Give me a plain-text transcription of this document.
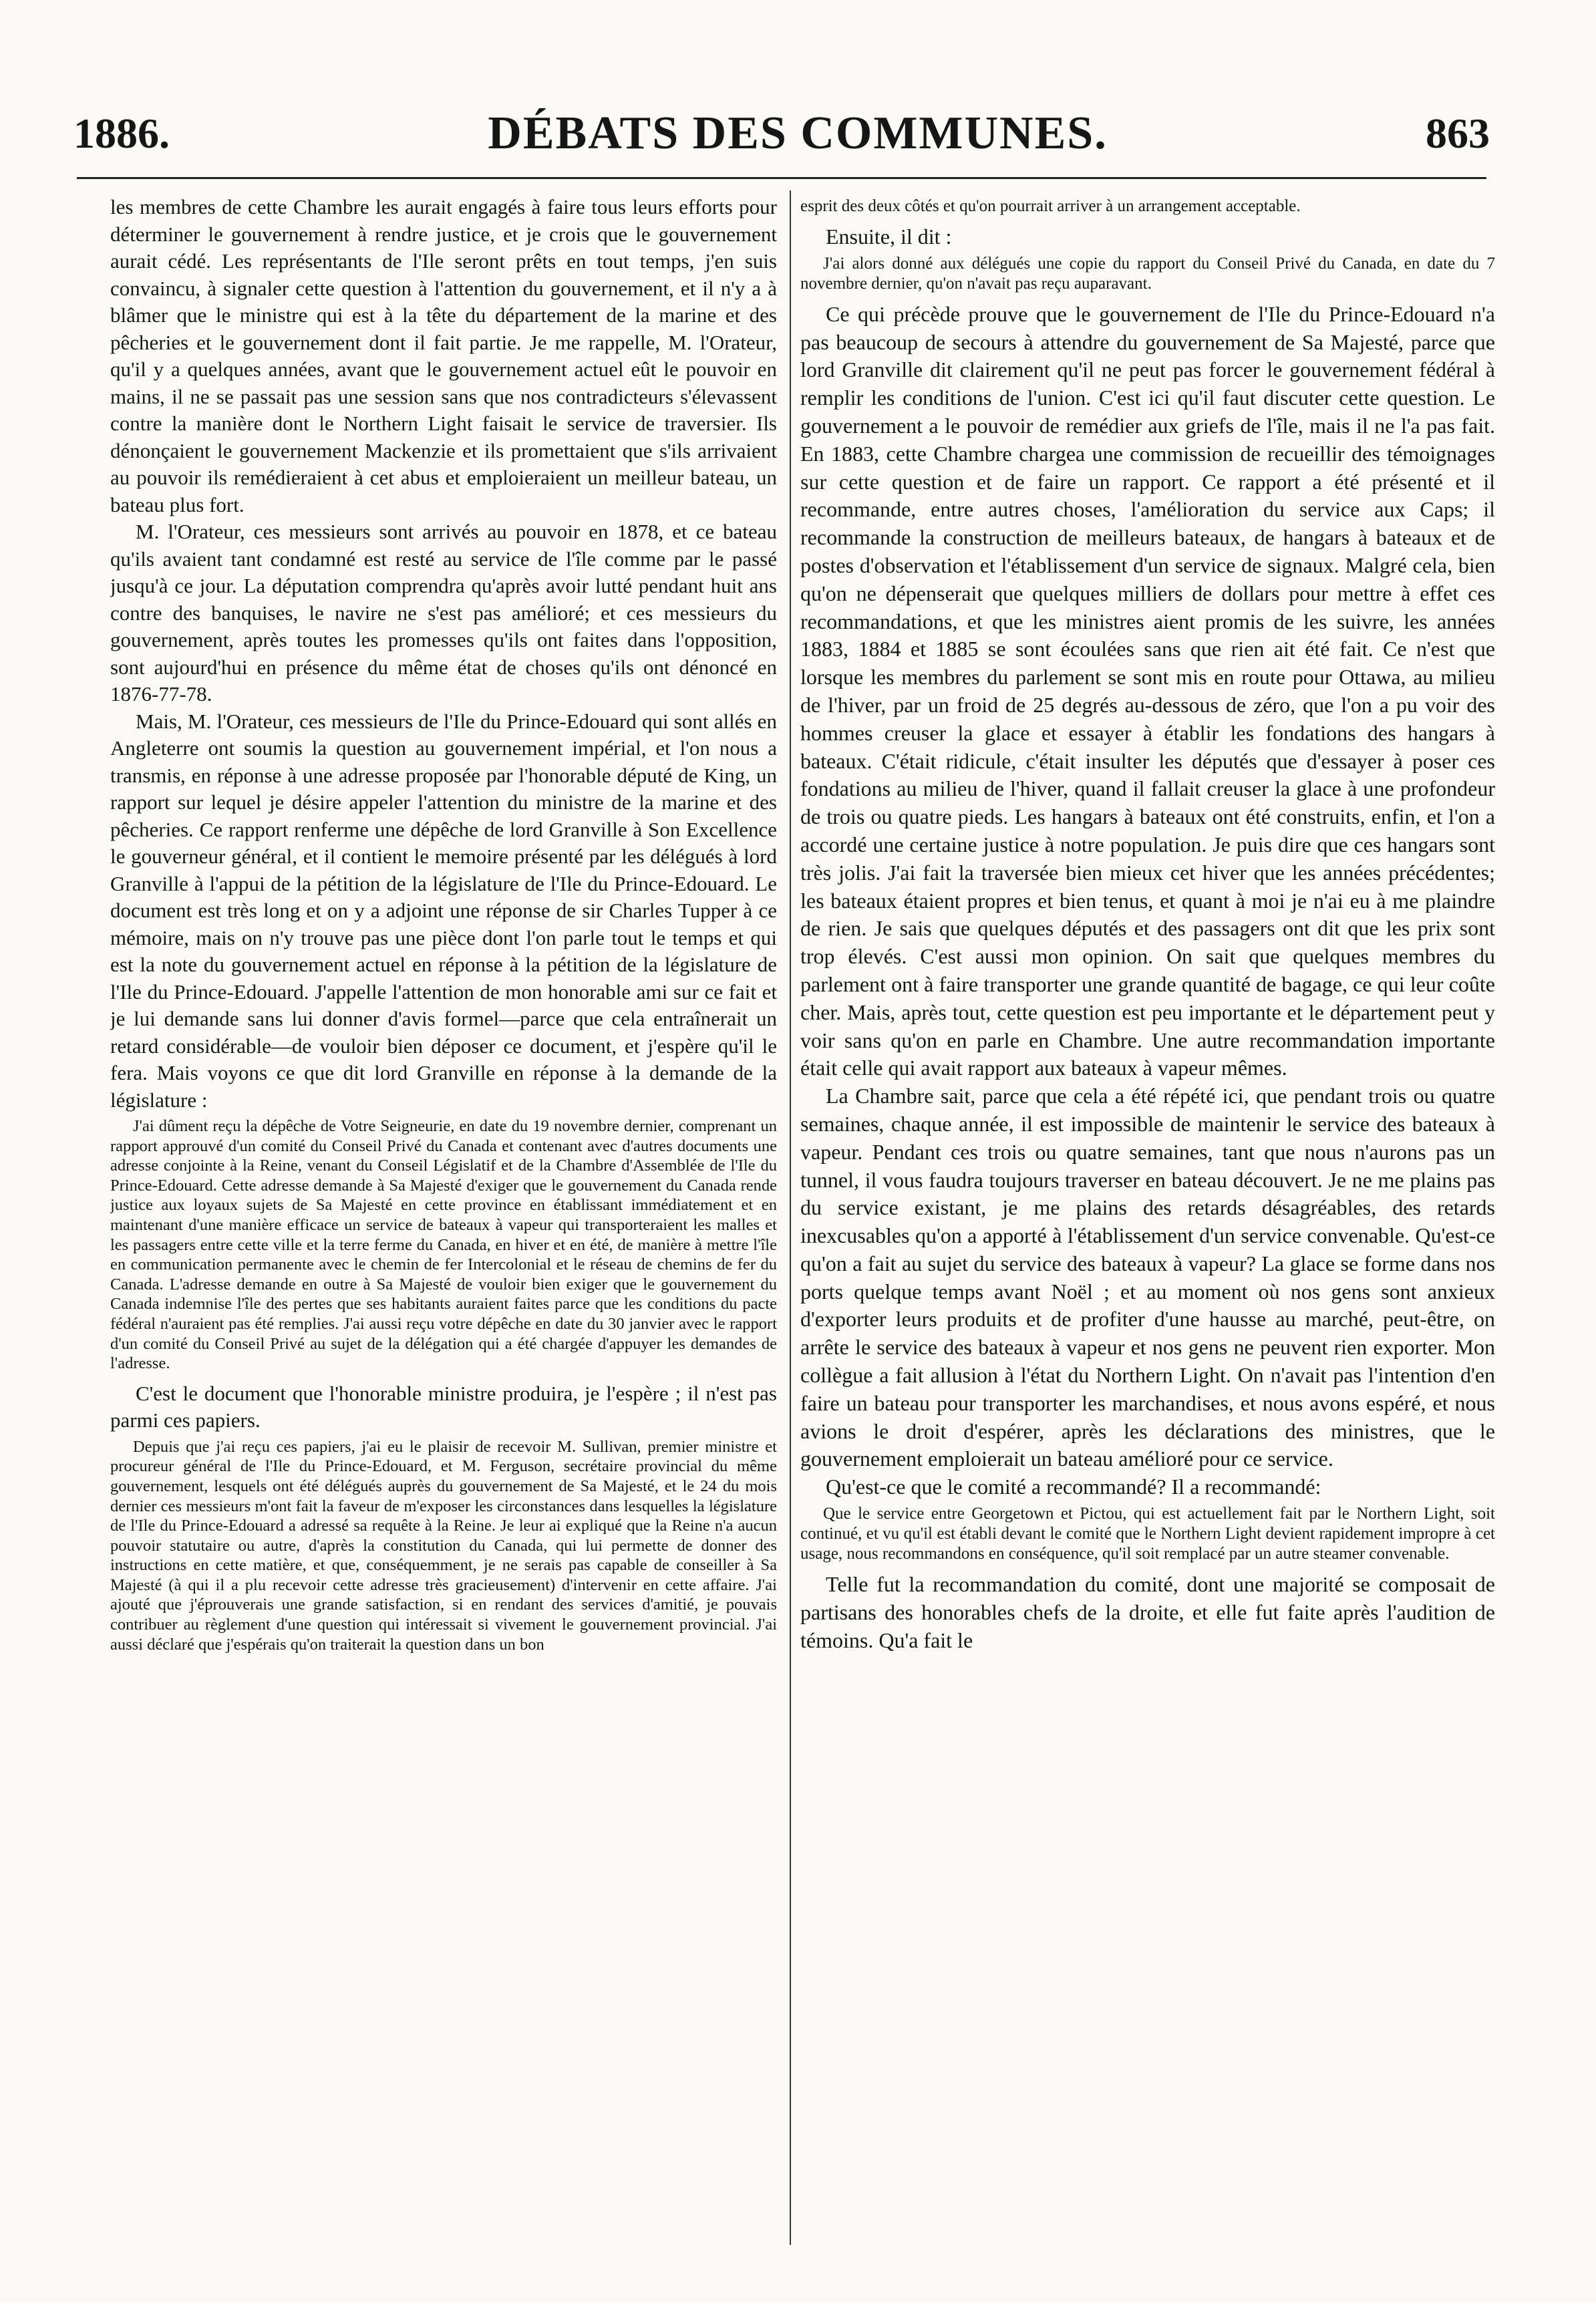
1886.	DÉBATS DES COMMUNES.	863

les membres de cette Chambre les aurait engagés à faire tous leurs efforts pour déterminer le gouvernement à rendre justice, et je crois que le gouvernement aurait cédé. Les représentants de l'Ile seront prêts en tout temps, j'en suis convaincu, à signaler cette question à l'attention du gouvernement, et il n'y a à blâmer que le ministre qui est à la tête du département de la marine et des pêcheries et le gouvernement dont il fait partie. Je me rappelle, M. l'Orateur, qu'il y a quelques années, avant que le gouvernement actuel eût le pouvoir en mains, il ne se passait pas une session sans que nos contradicteurs s'élevassent contre la manière dont le Northern Light faisait le service de traversier. Ils dénonçaient le gouvernement Mackenzie et ils promettaient que s'ils arrivaient au pouvoir ils remédieraient à cet abus et emploieraient un meilleur bateau, un bateau plus fort.

M. l'Orateur, ces messieurs sont arrivés au pouvoir en 1878, et ce bateau qu'ils avaient tant condamné est resté au service de l'île comme par le passé jusqu'à ce jour. La députation comprendra qu'après avoir lutté pendant huit ans contre des banquises, le navire ne s'est pas amélioré; et ces messieurs du gouvernement, après toutes les promesses qu'ils ont faites dans l'opposition, sont aujourd'hui en présence du même état de choses qu'ils ont dénoncé en 1876-77-78.

Mais, M. l'Orateur, ces messieurs de l'Ile du Prince-Edouard qui sont allés en Angleterre ont soumis la question au gouvernement impérial, et l'on nous a transmis, en réponse à une adresse proposée par l'honorable député de King, un rapport sur lequel je désire appeler l'attention du ministre de la marine et des pêcheries. Ce rapport renferme une dépêche de lord Granville à Son Excellence le gouverneur général, et il contient le memoire présenté par les délégués à lord Granville à l'appui de la pétition de la législature de l'Ile du Prince-Edouard. Le document est très long et on y a adjoint une réponse de sir Charles Tupper à ce mémoire, mais on n'y trouve pas une pièce dont l'on parle tout le temps et qui est la note du gouvernement actuel en réponse à la pétition de la législature de l'Ile du Prince-Edouard. J'appelle l'attention de mon honorable ami sur ce fait et je lui demande sans lui donner d'avis formel—parce que cela entraînerait un retard considérable—de vouloir bien déposer ce document, et j'espère qu'il le fera. Mais voyons ce que dit lord Granville en réponse à la demande de la législature :

J'ai dûment reçu la dépêche de Votre Seigneurie, en date du 19 novembre dernier, comprenant un rapport approuvé d'un comité du Conseil Privé du Canada et contenant avec d'autres documents une adresse conjointe à la Reine, venant du Conseil Législatif et de la Chambre d'Assemblée de l'Ile du Prince-Edouard. Cette adresse demande à Sa Majesté d'exiger que le gouvernement du Canada rende justice aux loyaux sujets de Sa Majesté en cette province en établissant immédiatement et en maintenant d'une manière efficace un service de bateaux à vapeur qui transporteraient les malles et les passagers entre cette ville et la terre ferme du Canada, en hiver et en été, de manière à mettre l'île en communication permanente avec le chemin de fer Intercolonial et le réseau de chemins de fer du Canada. L'adresse demande en outre à Sa Majesté de vouloir bien exiger que le gouvernement du Canada indemnise l'île des pertes que ses habitants auraient faites parce que les conditions du pacte fédéral n'auraient pas été remplies. J'ai aussi reçu votre dépêche en date du 30 janvier avec le rapport d'un comité du Conseil Privé au sujet de la délégation qui a été chargée d'appuyer les demandes de l'adresse.

C'est le document que l'honorable ministre produira, je l'espère ; il n'est pas parmi ces papiers.

Depuis que j'ai reçu ces papiers, j'ai eu le plaisir de recevoir M. Sullivan, premier ministre et procureur général de l'Ile du Prince-Edouard, et M. Ferguson, secrétaire provincial du même gouvernement, lesquels ont été délégués auprès du gouvernement de Sa Majesté, et le 24 du mois dernier ces messieurs m'ont fait la faveur de m'exposer les circonstances dans lesquelles la législature de l'Ile du Prince-Edouard a adressé sa requête à la Reine. Je leur ai expliqué que la Reine n'a aucun pouvoir statutaire ou autre, d'après la constitution du Canada, qui lui permette de donner des instructions en cette matière, et que, conséquemment, je ne serais pas capable de conseiller à Sa Majesté (à qui il a plu recevoir cette adresse très gracieusement) d'intervenir en cette affaire. J'ai ajouté que j'éprouverais une grande satisfaction, si en rendant des services d'amitié, je pouvais contribuer au règlement d'une question qui intéressait si vivement le gouvernement provincial. J'ai aussi déclaré que j'espérais qu'on traiterait la question dans un bon

esprit des deux côtés et qu'on pourrait arriver à un arrangement acceptable.

Ensuite, il dit :

J'ai alors donné aux délégués une copie du rapport du Conseil Privé du Canada, en date du 7 novembre dernier, qu'on n'avait pas reçu auparavant.

Ce qui précède prouve que le gouvernement de l'Ile du Prince-Edouard n'a pas beaucoup de secours à attendre du gouvernement de Sa Majesté, parce que lord Granville dit clairement qu'il ne peut pas forcer le gouvernement fédéral à remplir les conditions de l'union. C'est ici qu'il faut discuter cette question. Le gouvernement a le pouvoir de remédier aux griefs de l'île, mais il ne l'a pas fait. En 1883, cette Chambre chargea une commission de recueillir des témoignages sur cette question et de faire un rapport. Ce rapport a été présenté et il recommande, entre autres choses, l'amélioration du service aux Caps; il recommande la construction de meilleurs bateaux, de hangars à bateaux et de postes d'observation et l'établissement d'un service de signaux. Malgré cela, bien qu'on ne dépenserait que quelques milliers de dollars pour mettre à effet ces recommandations, et que les ministres aient promis de les suivre, les années 1883, 1884 et 1885 se sont écoulées sans que rien ait été fait. Ce n'est que lorsque les membres du parlement se sont mis en route pour Ottawa, au milieu de l'hiver, par un froid de 25 degrés au-dessous de zéro, que l'on a pu voir des hommes creuser la glace et essayer à établir les fondations des hangars à bateaux. C'était ridicule, c'était insulter les députés que d'essayer à poser ces fondations au milieu de l'hiver, quand il fallait creuser la glace à une profondeur de trois ou quatre pieds. Les hangars à bateaux ont été construits, enfin, et l'on a accordé une certaine justice à notre population. Je puis dire que ces hangars sont très jolis. J'ai fait la traversée bien mieux cet hiver que les années précédentes; les bateaux étaient propres et bien tenus, et quant à moi je n'ai eu à me plaindre de rien. Je sais que quelques députés et des passagers ont dit que les prix sont trop élevés. C'est aussi mon opinion. On sait que quelques membres du parlement ont à faire transporter une grande quantité de bagage, ce qui leur coûte cher. Mais, après tout, cette question est peu importante et le département peut y voir sans qu'on en parle en Chambre. Une autre recommandation importante était celle qui avait rapport aux bateaux à vapeur mêmes.

La Chambre sait, parce que cela a été répété ici, que pendant trois ou quatre semaines, chaque année, il est impossible de maintenir le service des bateaux à vapeur. Pendant ces trois ou quatre semaines, tant que nous n'aurons pas un tunnel, il vous faudra toujours traverser en bateau découvert. Je ne me plains pas du service existant, je me plains des retards désagréables, des retards inexcusables qu'on a apporté à l'établissement d'un service convenable. Qu'est-ce qu'on a fait au sujet du service des bateaux à vapeur? La glace se forme dans nos ports quelque temps avant Noël ; et au moment où nos gens sont anxieux d'exporter leurs produits et de profiter d'une hausse au marché, peut-être, on arrête le service des bateaux à vapeur et nos gens ne peuvent rien exporter. Mon collègue a fait allusion à l'état du Northern Light. On n'avait pas l'intention d'en faire un bateau pour transporter les marchandises, et nous avons espéré, et nous avions le droit d'espérer, après les déclarations des ministres, que le gouvernement emploierait un bateau amélioré pour ce service.

Qu'est-ce que le comité a recommandé? Il a recommandé:

Que le service entre Georgetown et Pictou, qui est actuellement fait par le Northern Light, soit continué, et vu qu'il est établi devant le comité que le Northern Light devient rapidement impropre à cet usage, nous recommandons en conséquence, qu'il soit remplacé par un autre steamer convenable.

Telle fut la recommandation du comité, dont une majorité se composait de partisans des honorables chefs de la droite, et elle fut faite après l'audition de témoins. Qu'a fait le
